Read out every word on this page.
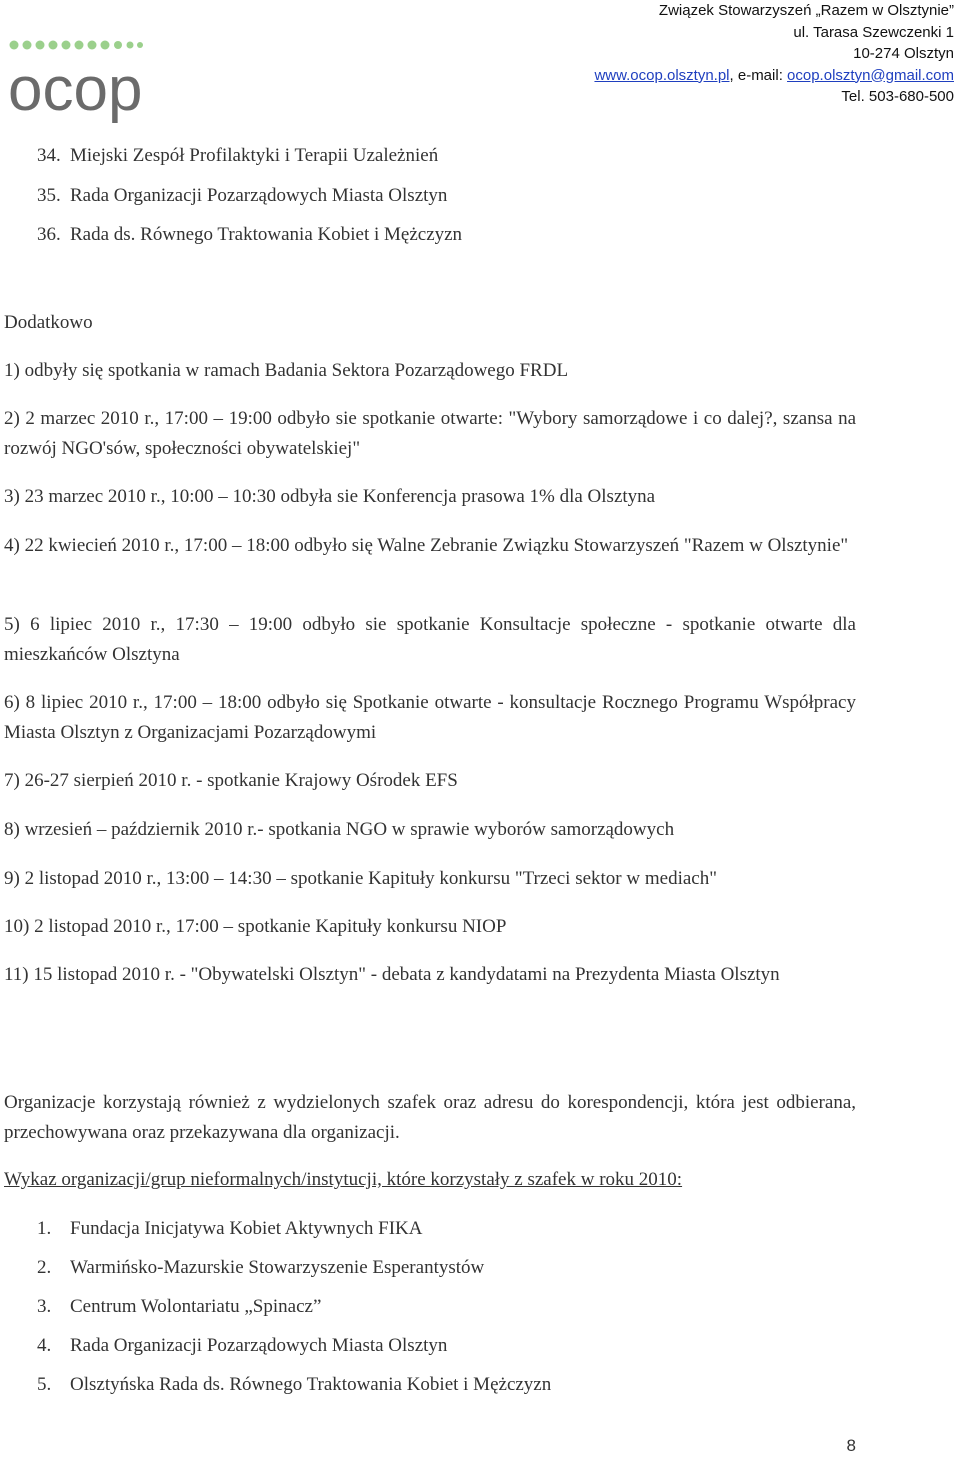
ocop
Związek Stowarzyszeń „Razem w Olsztynie”
ul. Tarasa Szewczenki 1
10-274 Olsztyn
www.ocop.olsztyn.pl, e-mail: ocop.olsztyn@gmail.com
Tel. 503-680-500
34. Miejski Zespół Profilaktyki i Terapii Uzależnień
35. Rada Organizacji Pozarządowych Miasta Olsztyn
36. Rada ds. Równego Traktowania Kobiet i Mężczyzn

Dodatkowo

1) odbyły się spotkania w ramach Badania Sektora Pozarządowego FRDL

2) 2 marzec 2010 r., 17:00 – 19:00 odbyło sie spotkanie otwarte: "Wybory samorządowe i co dalej?, szansa na rozwój NGO'sów, społeczności obywatelskiej"

3) 23 marzec 2010 r., 10:00 – 10:30 odbyła sie Konferencja prasowa 1% dla Olsztyna

4) 22 kwiecień 2010 r., 17:00 – 18:00 odbyło się Walne Zebranie Związku Stowarzyszeń "Razem w Olsztynie"

5) 6 lipiec 2010 r., 17:30 – 19:00 odbyło sie spotkanie Konsultacje społeczne - spotkanie otwarte dla mieszkańców Olsztyna

6) 8 lipiec 2010 r., 17:00 – 18:00 odbyło się Spotkanie otwarte - konsultacje Rocznego Programu Współpracy Miasta Olsztyn z Organizacjami Pozarządowymi

7) 26-27 sierpień 2010 r. - spotkanie Krajowy Ośrodek EFS

8) wrzesień – październik 2010 r.- spotkania NGO w sprawie wyborów samorządowych

9) 2 listopad 2010 r., 13:00 – 14:30 – spotkanie Kapituły konkursu "Trzeci sektor w mediach"

10) 2 listopad 2010 r., 17:00 – spotkanie Kapituły konkursu NIOP

11) 15 listopad 2010 r. - "Obywatelski Olsztyn" - debata z kandydatami na Prezydenta Miasta Olsztyn

Organizacje korzystają również z wydzielonych szafek oraz adresu do korespondencji, która jest odbierana, przechowywana oraz przekazywana dla organizacji.

Wykaz organizacji/grup nieformalnych/instytucji, które korzystały z szafek w roku 2010:

1. Fundacja Inicjatywa Kobiet Aktywnych FIKA
2. Warmińsko-Mazurskie Stowarzyszenie Esperantystów
3. Centrum Wolontariatu „Spinacz”
4. Rada Organizacji Pozarządowych Miasta Olsztyn
5. Olsztyńska Rada ds. Równego Traktowania Kobiet i Mężczyzn
8
